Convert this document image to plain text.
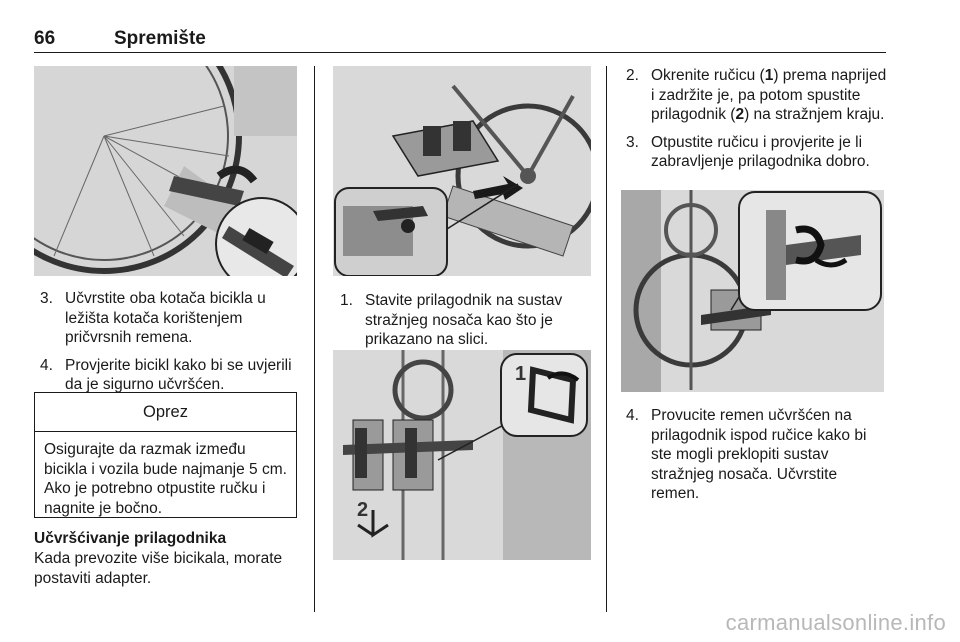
66	Spremište
3. Učvrstite oba kotača bicikla u ležišta kotača korištenjem pričvrsnih remena.
4. Provjerite bicikl kako bi se uvjerili da je sigurno učvršćen.
Oprez
Osigurajte da razmak između bicikla i vozila bude najmanje 5 cm. Ako je potrebno otpustite ručku i nagnite je bočno.
Učvršćivanje prilagodnika
Kada prevozite više bicikala, morate postaviti adapter.
1. Stavite prilagodnik na sustav stražnjeg nosača kao što je prikazano na slici.
1
2
2. Okrenite ručicu (1) prema naprijed i zadržite je, pa potom spustite prilagodnik (2) na stražnjem kraju.
3. Otpustite ručicu i provjerite je li zabravljenje prilagodnika dobro.
4. Provucite remen učvršćen na prilagodnik ispod ručice kako bi ste mogli preklopiti sustav stražnjeg nosača. Učvrstite remen.
carmanualsonline.info
